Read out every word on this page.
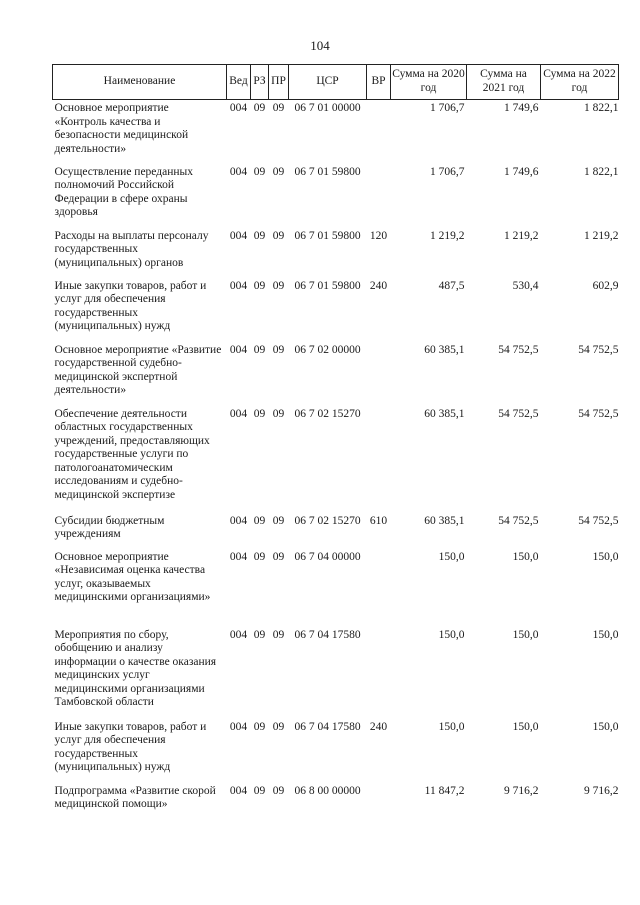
104
Наименование	Вед	РЗ	ПР	ЦСР	ВР	Сумма на 2020 год	Сумма на 2021 год	Сумма на 2022 год
Основное мероприятие «Контроль качества и безопасности медицинской деятельности»	004	09	09	06 7 01 00000		1 706,7	1 749,6	1 822,1
Осуществление переданных полномочий Российской Федерации в сфере охраны здоровья	004	09	09	06 7 01 59800		1 706,7	1 749,6	1 822,1
Расходы на выплаты персоналу государственных (муниципальных) органов	004	09	09	06 7 01 59800	120	1 219,2	1 219,2	1 219,2
Иные закупки товаров, работ и услуг для обеспечения государственных (муниципальных) нужд	004	09	09	06 7 01 59800	240	487,5	530,4	602,9
Основное мероприятие «Развитие государственной судебно-медицинской экспертной деятельности»	004	09	09	06 7 02 00000		60 385,1	54 752,5	54 752,5
Обеспечение деятельности областных государственных учреждений, предоставляющих государственные услуги по патологоанатомическим исследованиям и судебно-медицинской экспертизе	004	09	09	06 7 02 15270		60 385,1	54 752,5	54 752,5
Субсидии бюджетным учреждениям	004	09	09	06 7 02 15270	610	60 385,1	54 752,5	54 752,5
Основное мероприятие «Независимая оценка качества услуг, оказываемых медицинскими организациями»	004	09	09	06 7 04 00000		150,0	150,0	150,0
Мероприятия по сбору, обобщению и анализу информации о качестве оказания медицинских услуг медицинскими организациями Тамбовской области	004	09	09	06 7 04 17580		150,0	150,0	150,0
Иные закупки товаров, работ и услуг для обеспечения государственных (муниципальных) нужд	004	09	09	06 7 04 17580	240	150,0	150,0	150,0
Подпрограмма «Развитие скорой медицинской помощи»	004	09	09	06 8 00 00000		11 847,2	9 716,2	9 716,2
